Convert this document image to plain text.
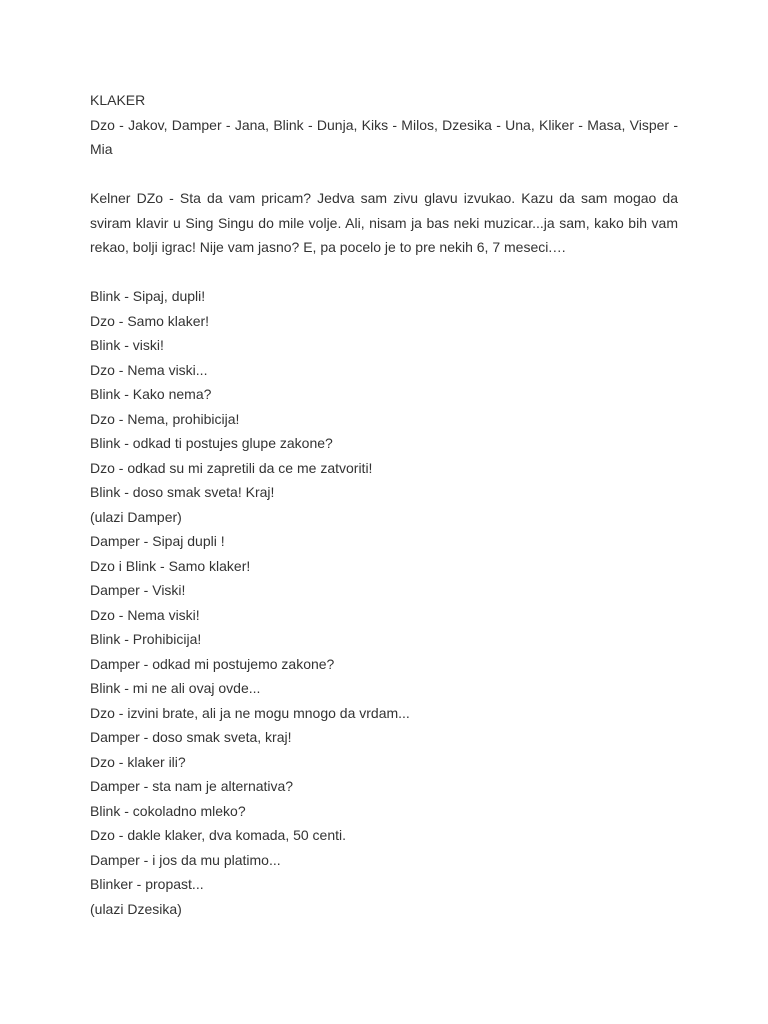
KLAKER

Dzo - Jakov, Damper - Jana, Blink - Dunja, Kiks - Milos, Dzesika - Una, Kliker - Masa, Visper - Mia

Kelner DZo - Sta da vam pricam? Jedva sam zivu glavu izvukao. Kazu da sam mogao da sviram klavir u Sing Singu do mile volje. Ali, nisam ja bas neki muzicar...ja sam, kako bih vam rekao, bolji igrac! Nije vam jasno? E, pa pocelo je to pre nekih 6, 7 meseci.…

Blink - Sipaj, dupli!
Dzo - Samo klaker!
Blink - viski!
Dzo - Nema viski...
Blink - Kako nema?
Dzo - Nema, prohibicija!
Blink - odkad ti postujes glupe zakone?
Dzo - odkad su mi zapretili da ce me zatvoriti!
Blink - doso smak sveta! Kraj!
(ulazi Damper)
Damper - Sipaj dupli !
Dzo i Blink - Samo klaker!
Damper - Viski!
Dzo - Nema viski!
Blink - Prohibicija!
Damper - odkad mi postujemo zakone?
Blink - mi ne ali ovaj ovde...
Dzo - izvini brate, ali ja ne mogu mnogo da vrdam...
Damper - doso smak sveta, kraj!
Dzo - klaker ili?
Damper - sta nam je alternativa?
Blink - cokoladno mleko?
Dzo - dakle klaker, dva komada, 50 centi.
Damper - i jos da mu platimo...
Blinker - propast...
(ulazi Dzesika)
